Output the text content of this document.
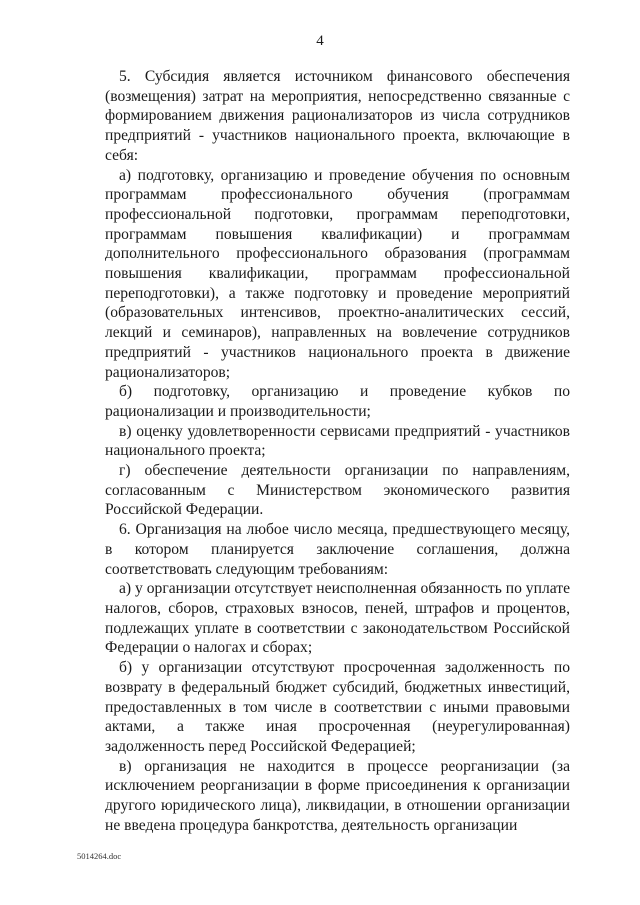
4

5. Субсидия является источником финансового обеспечения (возмещения) затрат на мероприятия, непосредственно связанные с формированием движения рационализаторов из числа сотрудников предприятий - участников национального проекта, включающие в себя:

а) подготовку, организацию и проведение обучения по основным программам профессионального обучения (программам профессиональной подготовки, программам переподготовки, программам повышения квалификации) и программам дополнительного профессионального образования (программам повышения квалификации, программам профессиональной переподготовки), а также подготовку и проведение мероприятий (образовательных интенсивов, проектно-аналитических сессий, лекций и семинаров), направленных на вовлечение сотрудников предприятий - участников национального проекта в движение рационализаторов;

б) подготовку, организацию и проведение кубков по рационализации и производительности;

в) оценку удовлетворенности сервисами предприятий - участников национального проекта;

г) обеспечение деятельности организации по направлениям, согласованным с Министерством экономического развития Российской Федерации.

6. Организация на любое число месяца, предшествующего месяцу, в котором планируется заключение соглашения, должна соответствовать следующим требованиям:

а) у организации отсутствует неисполненная обязанность по уплате налогов, сборов, страховых взносов, пеней, штрафов и процентов, подлежащих уплате в соответствии с законодательством Российской Федерации о налогах и сборах;

б) у организации отсутствуют просроченная задолженность по возврату в федеральный бюджет субсидий, бюджетных инвестиций, предоставленных в том числе в соответствии с иными правовыми актами, а также иная просроченная (неурегулированная) задолженность перед Российской Федерацией;

в) организация не находится в процессе реорганизации (за исключением реорганизации в форме присоединения к организации другого юридического лица), ликвидации, в отношении организации не введена процедура банкротства, деятельность организации

5014264.doc
